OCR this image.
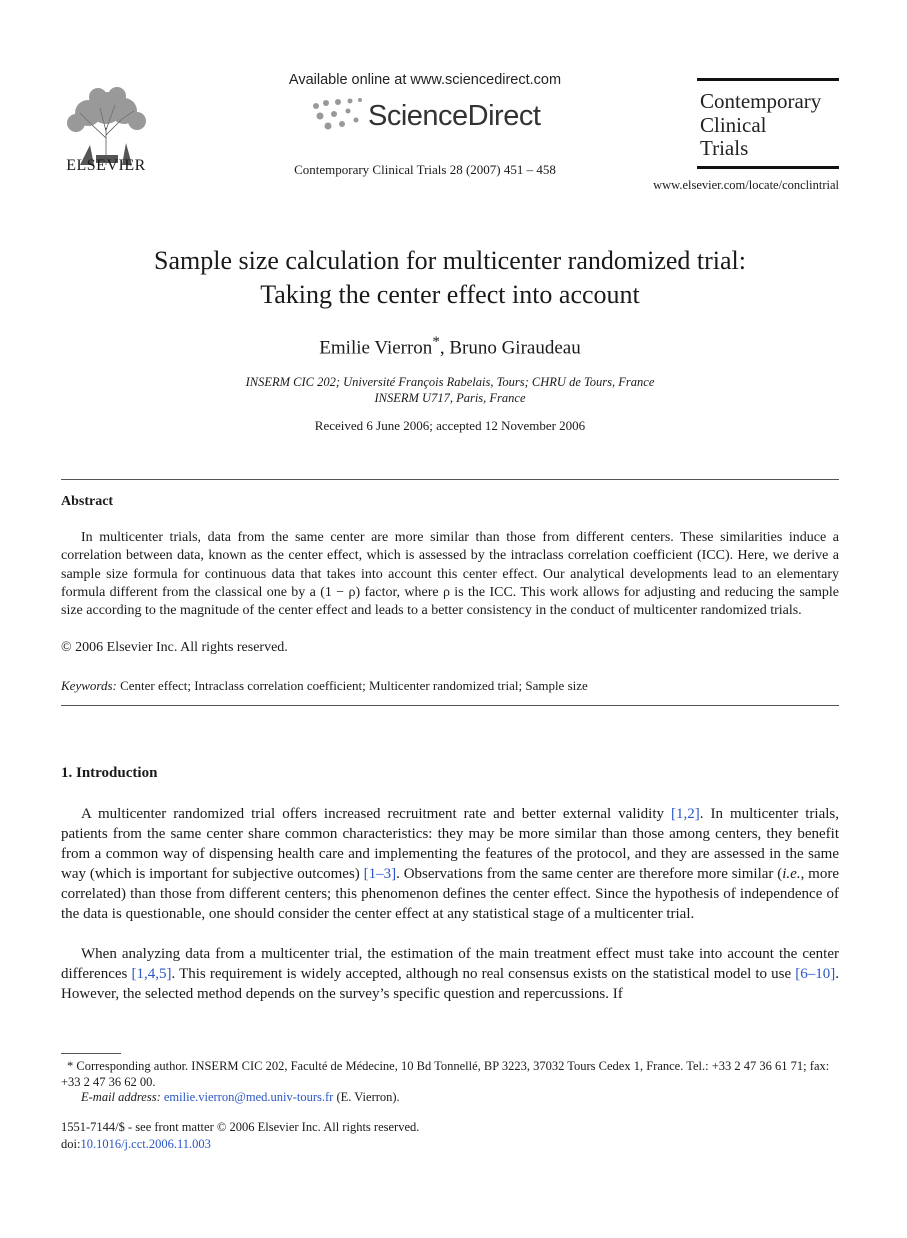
ELSEVIER
Available online at www.sciencedirect.com
ScienceDirect
Contemporary Clinical Trials 28 (2007) 451 – 458
Contemporary
Clinical
Trials
www.elsevier.com/locate/conclintrial
Sample size calculation for multicenter randomized trial:
Taking the center effect into account
Emilie Vierron*, Bruno Giraudeau
INSERM CIC 202; Université François Rabelais, Tours; CHRU de Tours, France
INSERM U717, Paris, France
Received 6 June 2006; accepted 12 November 2006
Abstract
In multicenter trials, data from the same center are more similar than those from different centers. These similarities induce a correlation between data, known as the center effect, which is assessed by the intraclass correlation coefficient (ICC). Here, we derive a sample size formula for continuous data that takes into account this center effect. Our analytical developments lead to an elementary formula different from the classical one by a (1 − ρ) factor, where ρ is the ICC. This work allows for adjusting and reducing the sample size according to the magnitude of the center effect and leads to a better consistency in the conduct of multicenter randomized trials.
© 2006 Elsevier Inc. All rights reserved.
Keywords: Center effect; Intraclass correlation coefficient; Multicenter randomized trial; Sample size
1. Introduction
A multicenter randomized trial offers increased recruitment rate and better external validity [1,2]. In multicenter trials, patients from the same center share common characteristics: they may be more similar than those among centers, they benefit from a common way of dispensing health care and implementing the features of the protocol, and they are assessed in the same way (which is important for subjective outcomes) [1–3]. Observations from the same center are therefore more similar (i.e., more correlated) than those from different centers; this phenomenon defines the center effect. Since the hypothesis of independence of the data is questionable, one should consider the center effect at any statistical stage of a multicenter trial.
When analyzing data from a multicenter trial, the estimation of the main treatment effect must take into account the center differences [1,4,5]. This requirement is widely accepted, although no real consensus exists on the statistical model to use [6–10]. However, the selected method depends on the survey’s specific question and repercussions. If
* Corresponding author. INSERM CIC 202, Faculté de Médecine, 10 Bd Tonnellé, BP 3223, 37032 Tours Cedex 1, France. Tel.: +33 2 47 36 61 71; fax: +33 2 47 36 62 00.
E-mail address: emilie.vierron@med.univ-tours.fr (E. Vierron).
1551-7144/$ - see front matter © 2006 Elsevier Inc. All rights reserved.
doi:10.1016/j.cct.2006.11.003
